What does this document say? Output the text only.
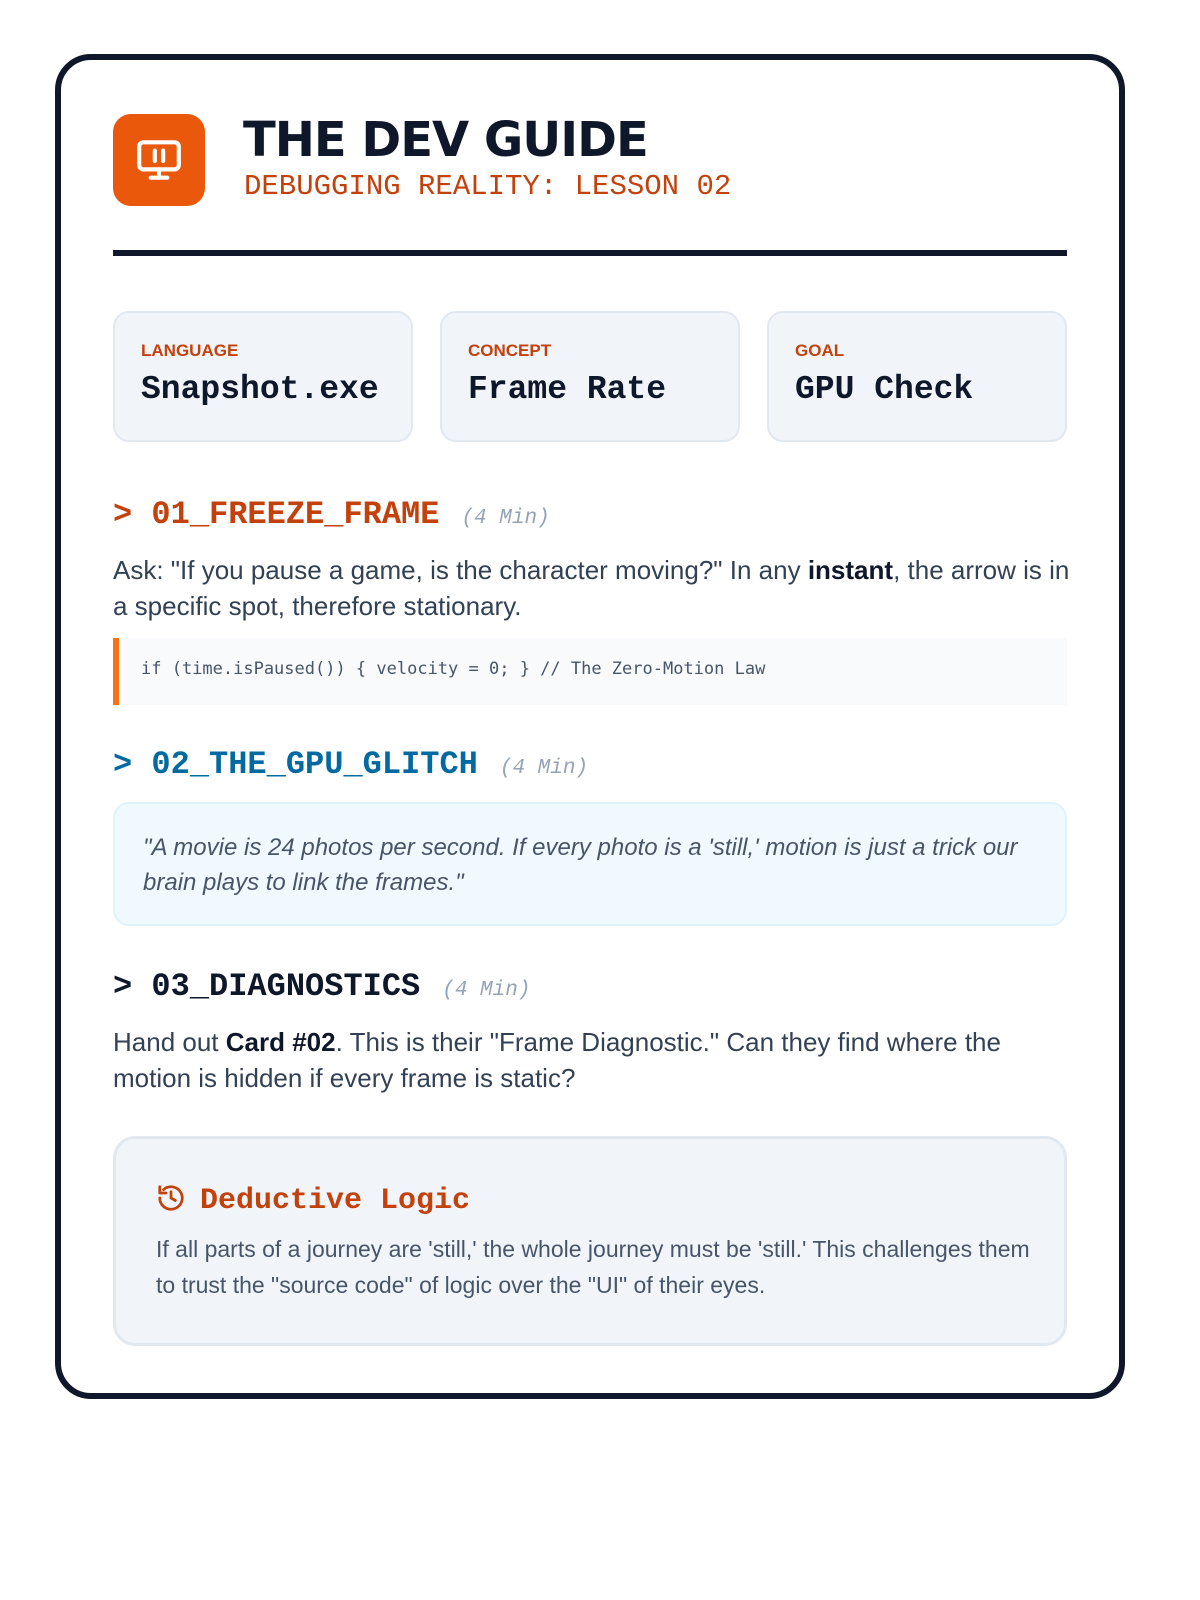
THE DEV GUIDE
DEBUGGING REALITY: LESSON 02
LANGUAGE
Snapshot.exe
CONCEPT
Frame Rate
GOAL
GPU Check
> 01_FREEZE_FRAME (4 Min)
Ask: "If you pause a game, is the character moving?" In any instant, the arrow is in a specific spot, therefore stationary.
if (time.isPaused()) { velocity = 0; } // The Zero-Motion Law
> 02_THE_GPU_GLITCH (4 Min)
"A movie is 24 photos per second. If every photo is a 'still,' motion is just a trick our brain plays to link the frames."
> 03_DIAGNOSTICS (4 Min)
Hand out Card #02. This is their "Frame Diagnostic." Can they find where the motion is hidden if every frame is static?
Deductive Logic
If all parts of a journey are 'still,' the whole journey must be 'still.' This challenges them to trust the "source code" of logic over the "UI" of their eyes.
